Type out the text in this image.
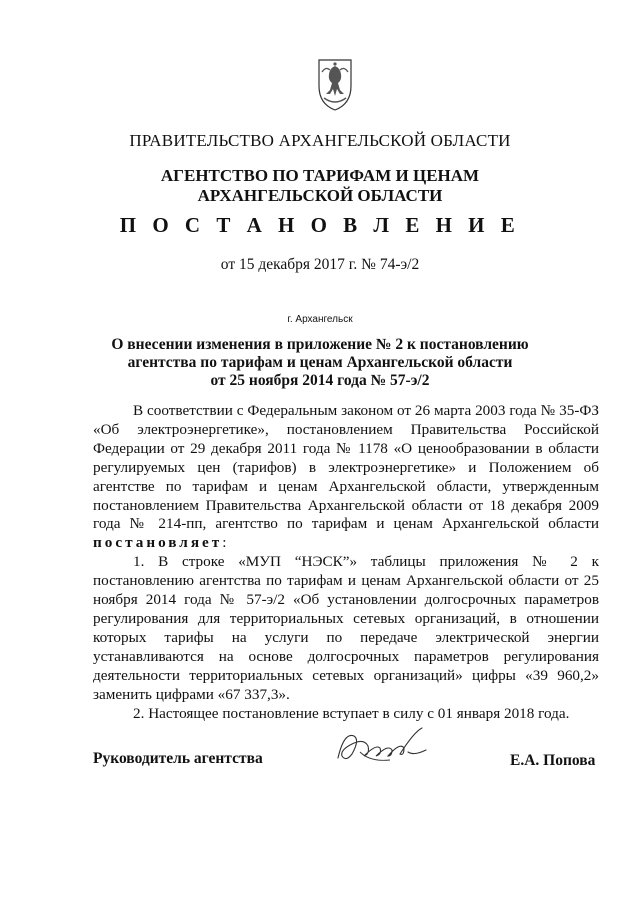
ПРАВИТЕЛЬСТВО АРХАНГЕЛЬСКОЙ ОБЛАСТИ
АГЕНТСТВО ПО ТАРИФАМ И ЦЕНАМ
АРХАНГЕЛЬСКОЙ ОБЛАСТИ
П О С Т А Н О В Л Е Н И Е
от 15 декабря 2017 г. № 74-э/2
г. Архангельск
О внесении изменения в приложение № 2 к постановлению
агентства по тарифам и ценам Архангельской области
от 25 ноября 2014 года № 57-э/2

В соответствии с Федеральным законом от 26 марта 2003 года № 35-ФЗ «Об электроэнергетике», постановлением Правительства Российской Федерации от 29 декабря 2011 года № 1178 «О ценообразовании в области регулируемых цен (тарифов) в электроэнергетике» и Положением об агентстве по тарифам и ценам Архангельской области, утвержденным постановлением Правительства Архангельской области от 18 декабря 2009 года № 214-пп, агентство по тарифам и ценам Архангельской области постановляет:

1. В строке «МУП “НЭСК”» таблицы приложения № 2 к постановлению агентства по тарифам и ценам Архангельской области от 25 ноября 2014 года № 57-э/2 «Об установлении долгосрочных параметров регулирования для территориальных сетевых организаций, в отношении которых тарифы на услуги по передаче электрической энергии устанавливаются на основе долгосрочных параметров регулирования деятельности территориальных сетевых организаций» цифры «39 960,2» заменить цифрами «67 337,3».

2. Настоящее постановление вступает в силу с 01 января 2018 года.

Руководитель агентства	Е.А. Попова
